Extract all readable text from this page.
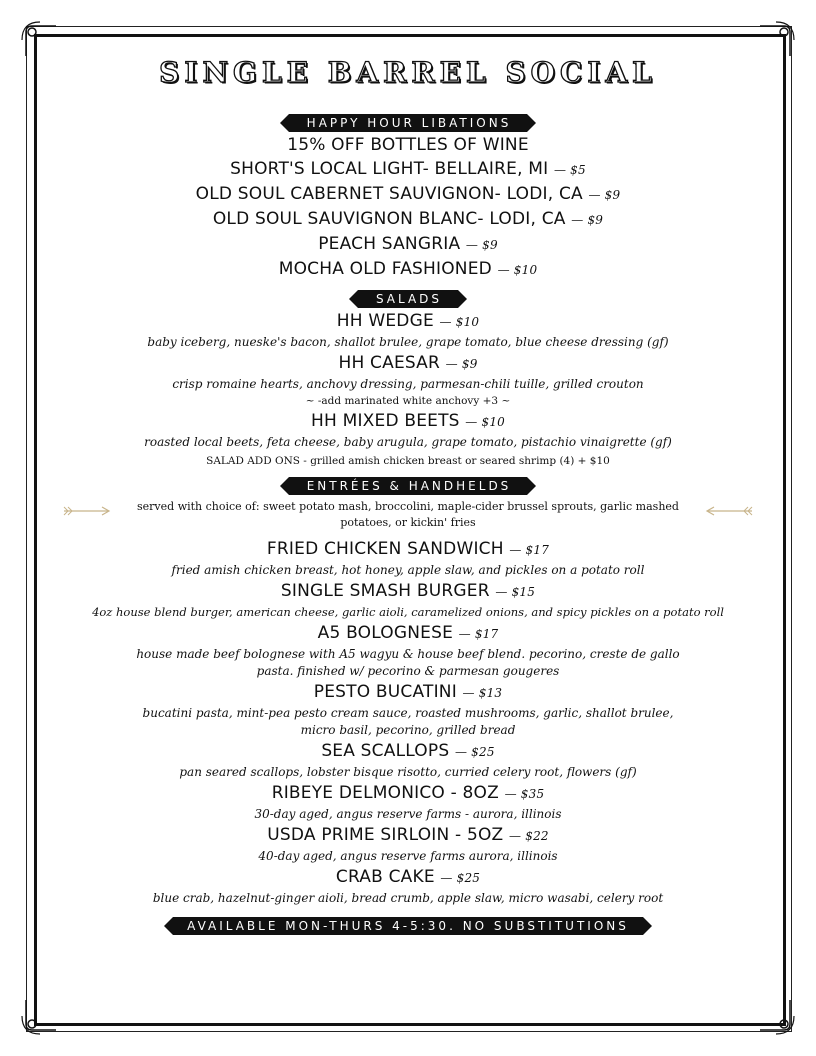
SINGLE BARREL SOCIAL
HAPPY HOUR LIBATIONS
15% OFF BOTTLES OF WINE
SHORT'S LOCAL LIGHT- BELLAIRE, MI — $5
OLD SOUL CABERNET SAUVIGNON- LODI, CA — $9
OLD SOUL SAUVIGNON BLANC- LODI, CA — $9
PEACH SANGRIA — $9
MOCHA OLD FASHIONED — $10
SALADS
HH WEDGE — $10
baby iceberg, nueske's bacon, shallot brulee, grape tomato, blue cheese dressing (gf)
HH CAESAR — $9
crisp romaine hearts, anchovy dressing, parmesan-chili tuille, grilled crouton
~ -add marinated white anchovy +3 ~
HH MIXED BEETS — $10
roasted local beets, feta cheese, baby arugula, grape tomato, pistachio vinaigrette (gf)
SALAD ADD ONS - grilled amish chicken breast or seared shrimp (4) + $10
ENTRÉES & HANDHELDS
served with choice of: sweet potato mash, broccolini, maple-cider brussel sprouts, garlic mashed potatoes, or kickin' fries
FRIED CHICKEN SANDWICH — $17
fried amish chicken breast, hot honey, apple slaw, and pickles on a potato roll
SINGLE SMASH BURGER — $15
4oz house blend burger, american cheese, garlic aioli, caramelized onions, and spicy pickles on a potato roll
A5 BOLOGNESE — $17
house made beef bolognese with A5 wagyu & house beef blend. pecorino, creste de gallo
pasta. finished w/ pecorino & parmesan gougeres
PESTO BUCATINI — $13
bucatini pasta, mint-pea pesto cream sauce, roasted mushrooms, garlic, shallot brulee,
micro basil, pecorino, grilled bread
SEA SCALLOPS — $25
pan seared scallops, lobster bisque risotto, curried celery root, flowers (gf)
RIBEYE DELMONICO - 8OZ — $35
30-day aged, angus reserve farms - aurora, illinois
USDA PRIME SIRLOIN - 5OZ — $22
40-day aged, angus reserve farms aurora, illinois
CRAB CAKE — $25
blue crab, hazelnut-ginger aioli, bread crumb, apple slaw, micro wasabi, celery root
AVAILABLE MON-THURS 4-5:30. NO SUBSTITUTIONS
